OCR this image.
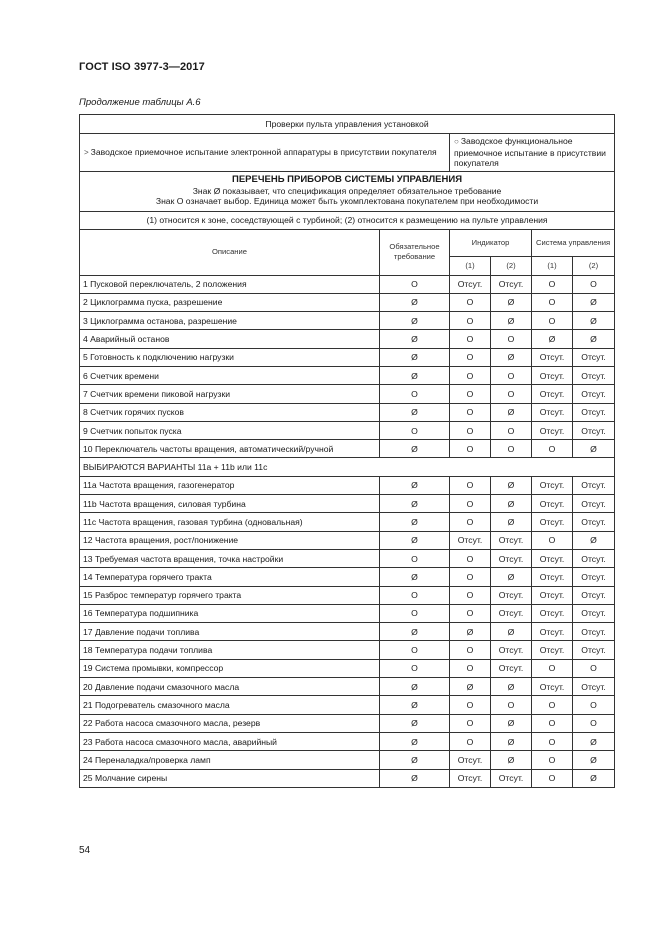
ГОСТ ISO 3977-3—2017
Продолжение таблицы А.6
Проверки пульта управления установкой					
> Заводское приемочное испытание электронной аппаратуры в присутствии покупателя		○ Заводское функциональное приемочное испытание в присутствии покупателя			

ПЕРЕЧЕНЬ ПРИБОРОВ СИСТЕМЫ УПРАВЛЕНИЯ
Знак Ø показывает, что спецификация определяет обязательное требование
Знак О означает выбор. Единица может быть укомплектована покупателем при необходимости					

(1) относится к зоне, соседствующей с турбиной; (2) относится к размещению на пульте управления					
Описание	Обязательное требование	Индикатор		Система управления	
		(1)	(2)	(1)	(2)
1 Пусковой переключатель, 2 положения	О	Отсут.	Отсут.	О	О
2 Циклограмма пуска, разрешение	Ø	О	Ø	О	Ø
3 Циклограмма останова, разрешение	Ø	О	Ø	О	Ø
4 Аварийный останов	Ø	О	О	Ø	Ø
5 Готовность к подключению нагрузки	Ø	О	Ø	Отсут.	Отсут.
6 Счетчик времени	Ø	О	О	Отсут.	Отсут.
7 Счетчик времени пиковой нагрузки	О	О	О	Отсут.	Отсут.
8 Счетчик горячих пусков	Ø	О	Ø	Отсут.	Отсут.
9 Счетчик попыток пуска	О	О	О	Отсут.	Отсут.
10 Переключатель частоты вращения, автоматический/ручной	Ø	О	О	О	Ø
ВЫБИРАЮТСЯ ВАРИАНТЫ 11а + 11b или 11с					
11а Частота вращения, газогенератор	Ø	О	Ø	Отсут.	Отсут.
11b Частота вращения, силовая турбина	Ø	О	Ø	Отсут.	Отсут.
11с Частота вращения, газовая турбина (одновальная)	Ø	О	Ø	Отсут.	Отсут.
12 Частота вращения, рост/понижение	Ø	Отсут.	Отсут.	О	Ø
13 Требуемая частота вращения, точка настройки	О	О	Отсут.	Отсут.	Отсут.
14 Температура горячего тракта	Ø	О	Ø	Отсут.	Отсут.
15 Разброс температур горячего тракта	О	О	Отсут.	Отсут.	Отсут.
16 Температура подшипника	О	О	Отсут.	Отсут.	Отсут.
17 Давление подачи топлива	Ø	Ø	Ø	Отсут.	Отсут.
18 Температура подачи топлива	О	О	Отсут.	Отсут.	Отсут.
19 Система промывки, компрессор	О	О	Отсут.	О	О
20 Давление подачи смазочного масла	Ø	Ø	Ø	Отсут.	Отсут.
21 Подогреватель смазочного масла	Ø	О	О	О	О
22 Работа насоса смазочного масла, резерв	Ø	О	Ø	О	О
23 Работа насоса смазочного масла, аварийный	Ø	О	Ø	О	Ø
24 Переналадка/проверка ламп	Ø	Отсут.	Ø	О	Ø
25 Молчание сирены	Ø	Отсут.	Отсут.	О	Ø
54
